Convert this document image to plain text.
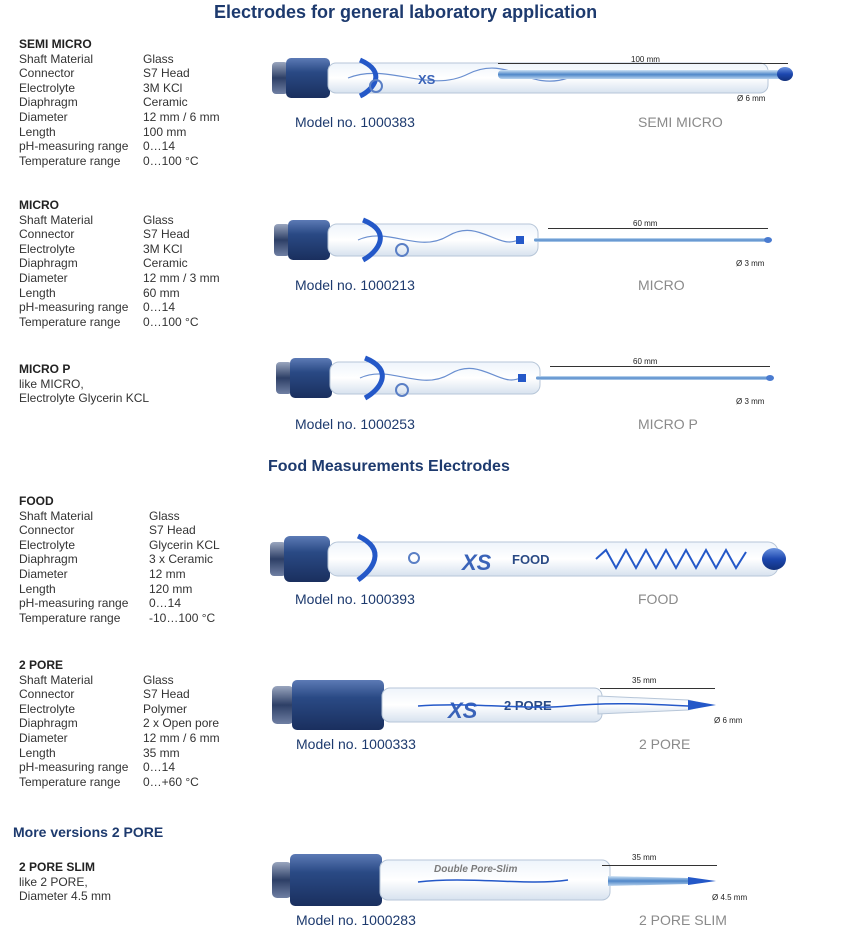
Electrodes for general laboratory application
Food Measurements Electrodes
More versions 2 PORE
SEMI MICRO
Shaft Material	Glass
Connector	S7 Head
Electrolyte	3M KCl
Diaphragm	Ceramic
Diameter	12 mm / 6 mm
Length	100 mm
pH-measuring range	0…14
Temperature range	0…100 °C
XS
100 mm
Ø 6 mm
Model no. 1000383	SEMI MICRO
MICRO
Shaft Material	Glass
Connector	S7 Head
Electrolyte	3M KCl
Diaphragm	Ceramic
Diameter	12 mm / 3 mm
Length	60 mm
pH-measuring range	0…14
Temperature range	0…100 °C
60 mm
Ø 3 mm
Model no. 1000213	MICRO
MICRO P
like MICRO,
Electrolyte Glycerin KCL
60 mm
Ø 3 mm
Model no. 1000253	MICRO P
FOOD
Shaft Material	Glass
Connector	S7 Head
Electrolyte	Glycerin KCL
Diaphragm	3 x Ceramic
Diameter	12 mm
Length	120 mm
pH-measuring range	0…14
Temperature range	-10…100 °C
XS FOOD
Model no. 1000393	FOOD
2 PORE
Shaft Material	Glass
Connector	S7 Head
Electrolyte	Polymer
Diaphragm	2 x Open pore
Diameter	12 mm / 6 mm
Length	35 mm
pH-measuring range	0…14
Temperature range	0…+60 °C
XS 2 PORE
35 mm
Ø 6 mm
Model no. 1000333	2 PORE
2 PORE SLIM
like 2 PORE,
Diameter 4.5 mm
Double Pore-Slim
35 mm
Ø 4.5 mm
Model no. 1000283	2 PORE SLIM
